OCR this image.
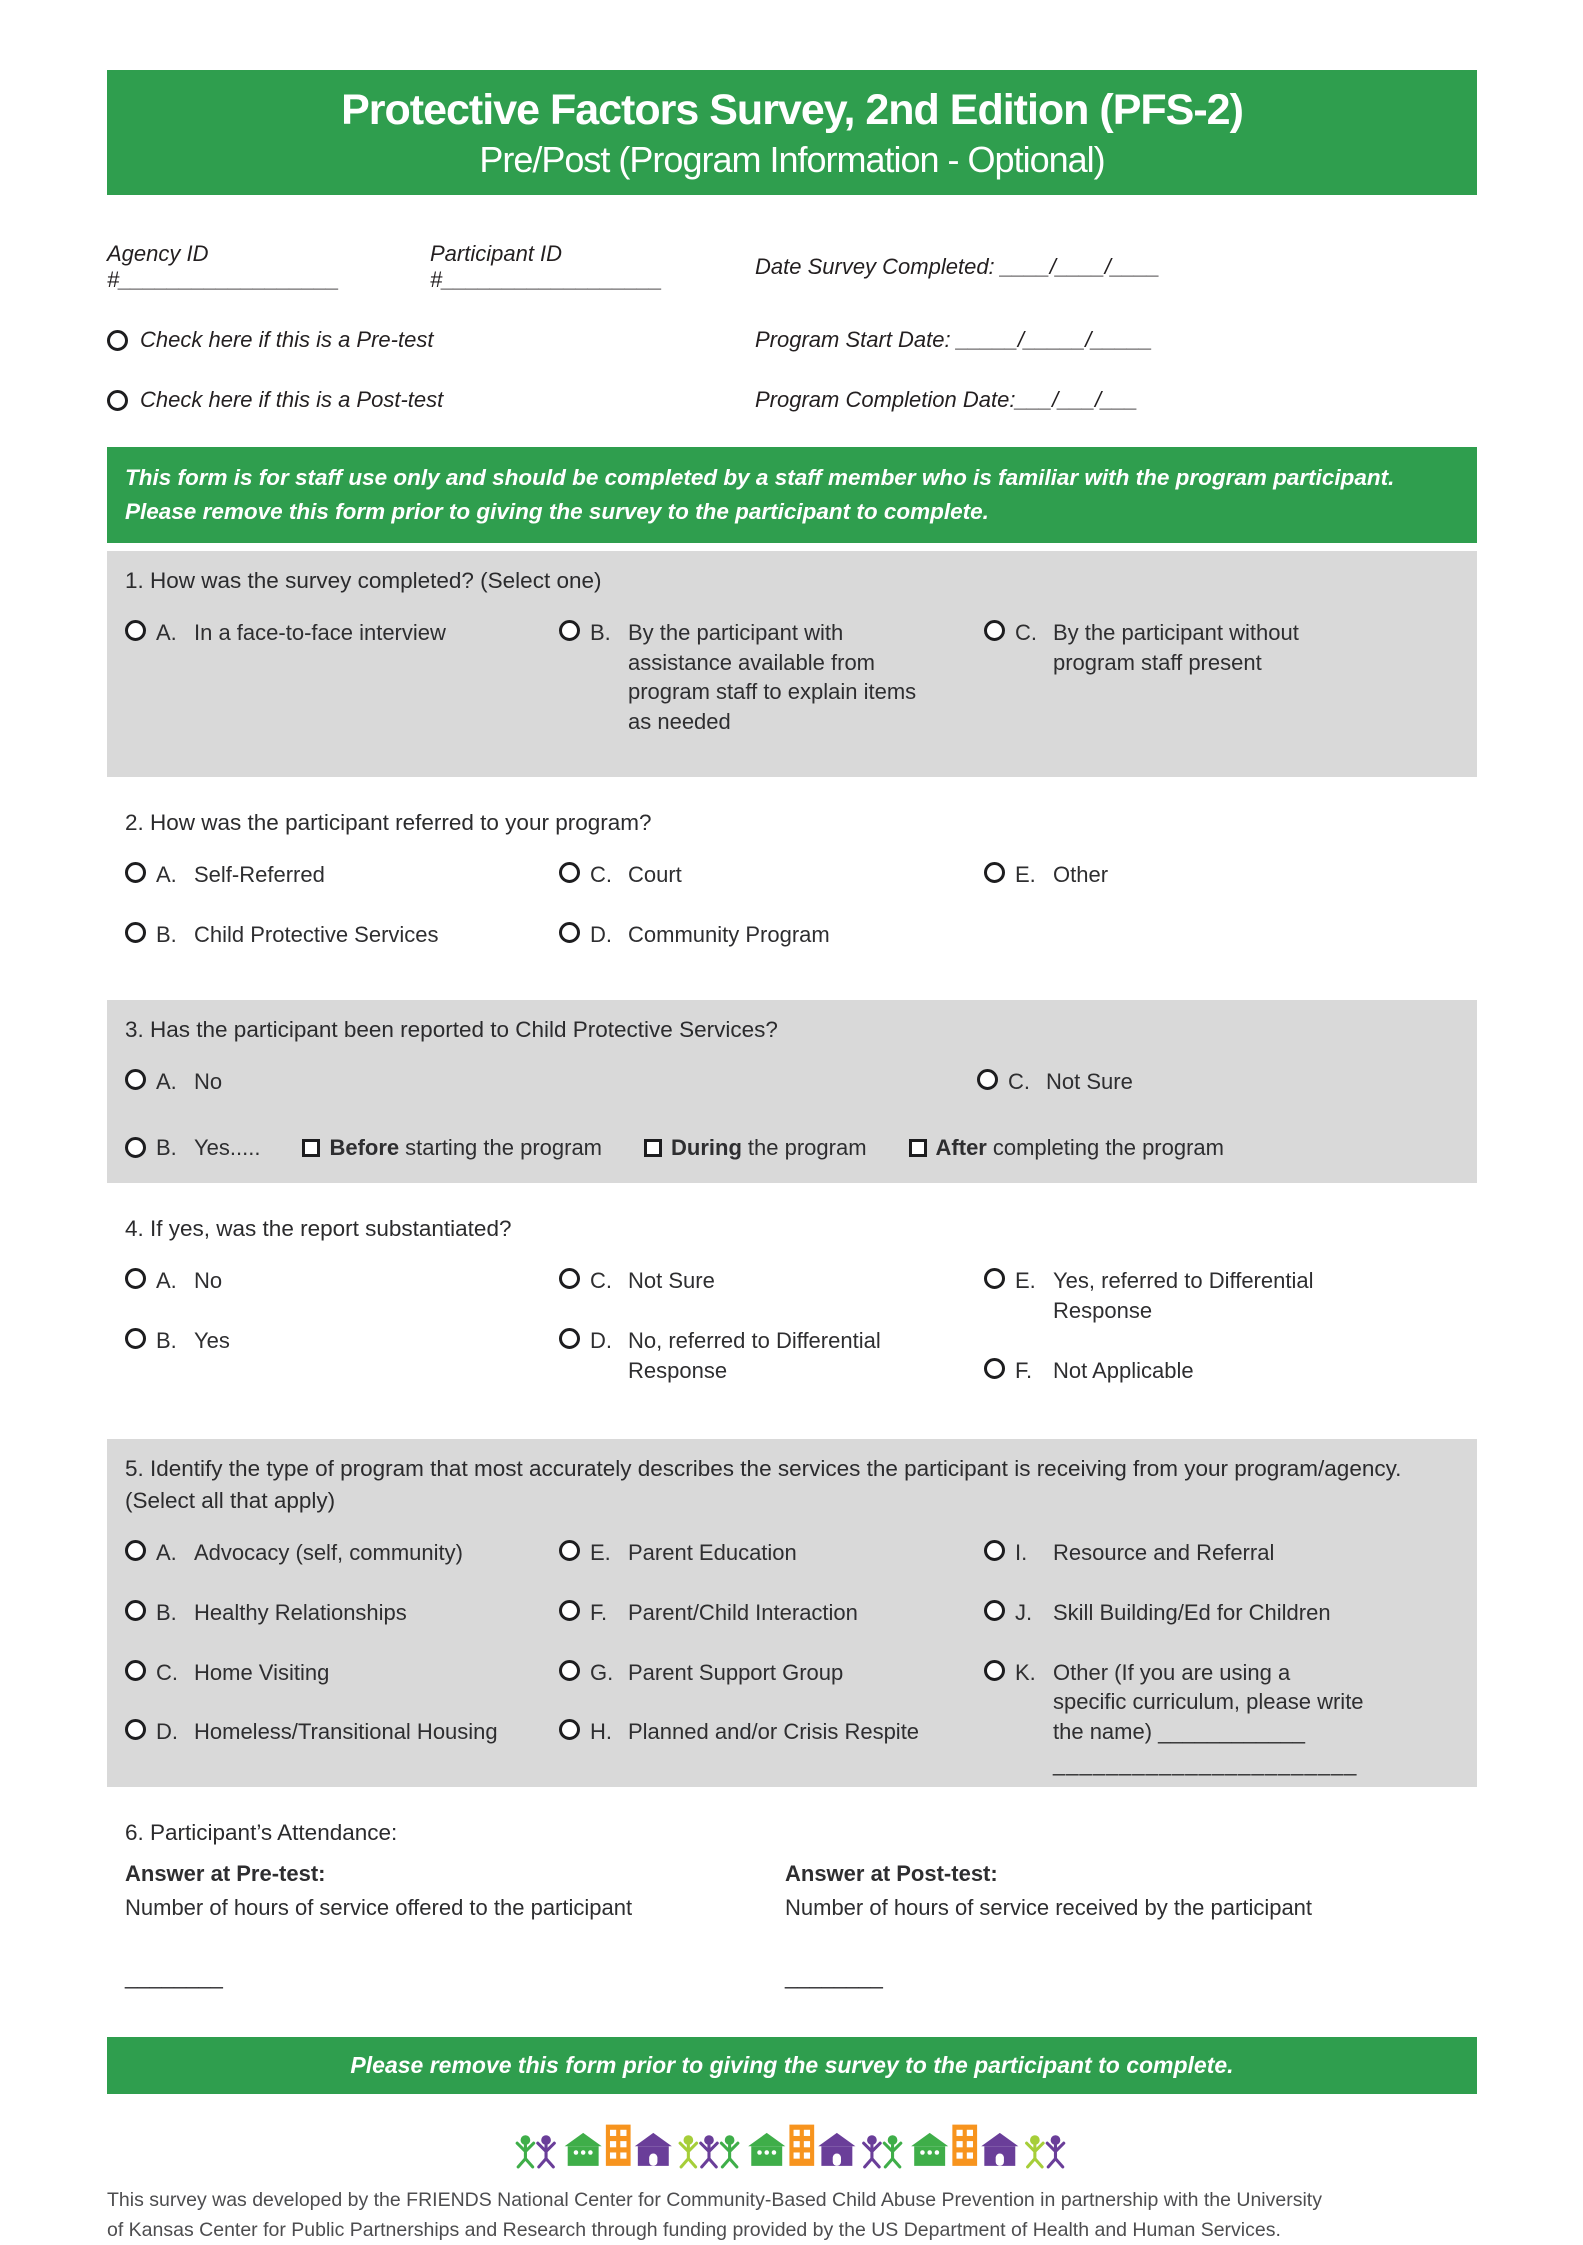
Protective Factors Survey, 2nd Edition (PFS-2)
Pre/Post (Program Information - Optional)
Agency ID #__________________
Participant ID #__________________
Date Survey Completed: ____/____/____
Check here if this is a Pre-test	Program Start Date: _____/_____/_____
Check here if this is a Post-test	Program Completion Date:___/___/___
This form is for staff use only and should be completed by a staff member who is familiar with the program participant. Please remove this form prior to giving the survey to the participant to complete.
1. How was the survey completed? (Select one)
A. In a face-to-face interview	B. By the participant with assistance available from program staff to explain items as needed
C. By the participant without program staff present
2. How was the participant referred to your program?
A. Self-Referred
B. Child Protective Services
C. Court
D. Community Program
E. Other
3. Has the participant been reported to Child Protective Services?
A. No	C. Not Sure
B. Yes.....	Before starting the program	During the program	After completing the program
4. If yes, was the report substantiated?
A. No
B. Yes
C. Not Sure
D. No, referred to Differential Response
E. Yes, referred to Differential Response
F. Not Applicable
5. Identify the type of program that most accurately describes the services the participant is receiving from your program/agency. (Select all that apply)
A. Advocacy (self, community)
B. Healthy Relationships
C. Home Visiting
D. Homeless/Transitional Housing
E. Parent Education
F. Parent/Child Interaction
G. Parent Support Group
H. Planned and/or Crisis Respite
I.	Resource and Referral
J. Skill Building/Ed for Children
K. Other (If you are using a specific curriculum, please write the name) ____________
_______________________
6. Participant’s Attendance:
Answer at Pre-test:
Number of hours of service offered to the participant
________
Answer at Post-test:
Number of hours of service received by the participant
________
Please remove this form prior to giving the survey to the participant to complete.
This survey was developed by the FRIENDS National Center for Community-Based Child Abuse Prevention in partnership with the University
of Kansas Center for Public Partnerships and Research through funding provided by the US Department of Health and Human Services.
